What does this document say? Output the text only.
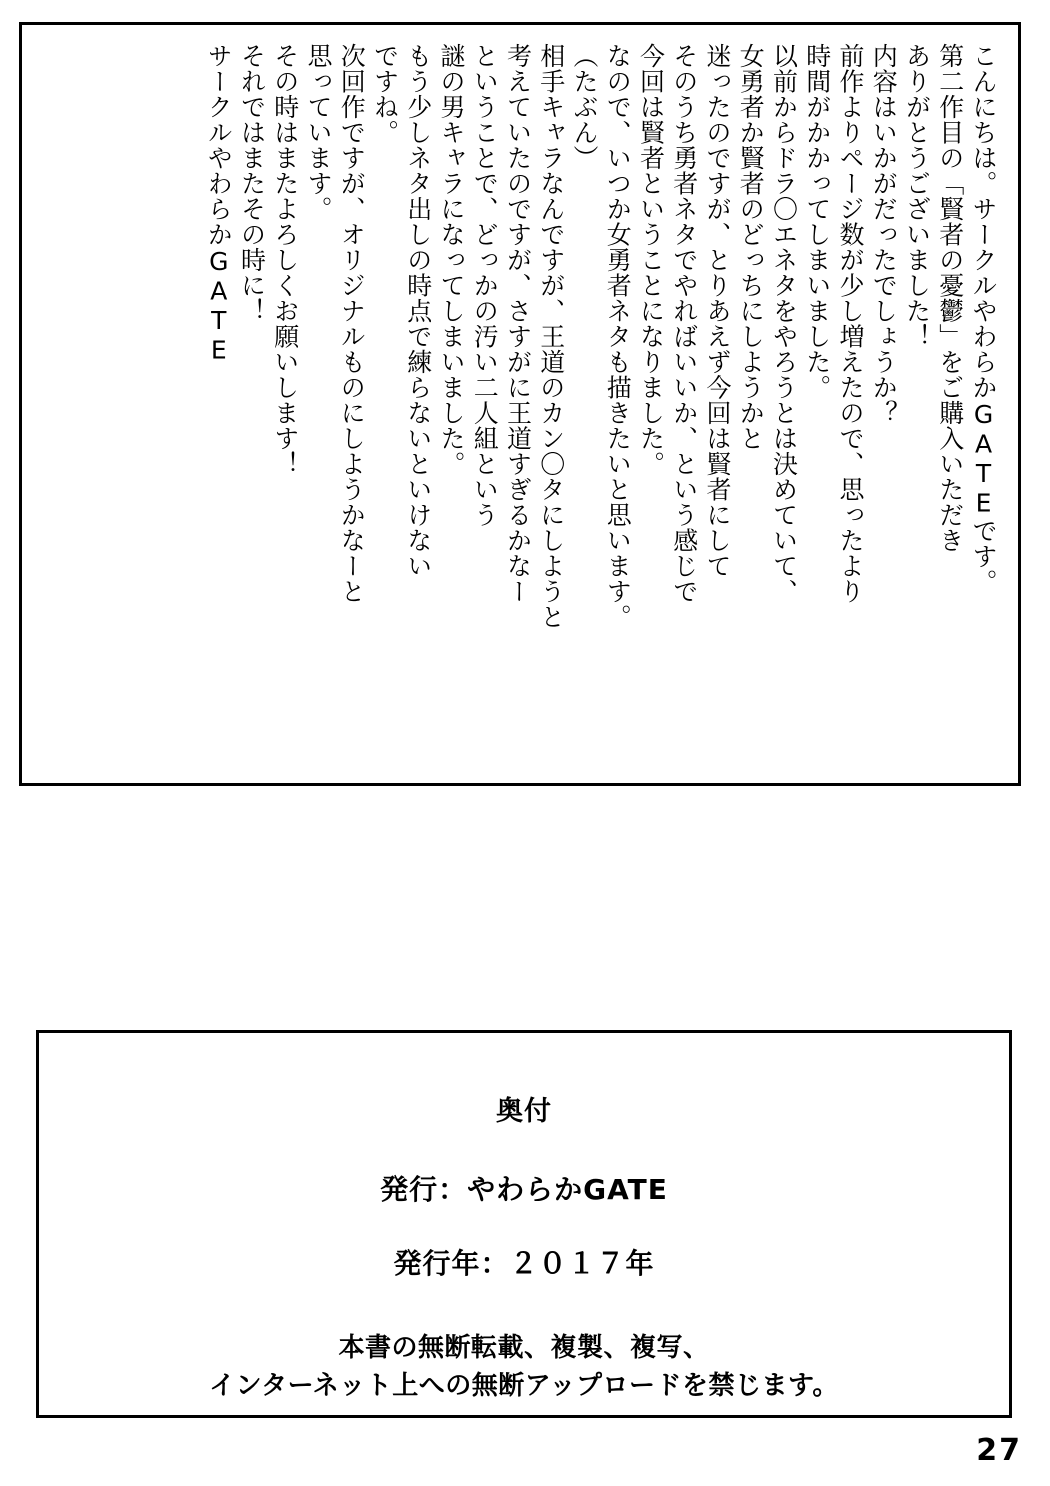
こんにちは。サークルやわらかGATEです。
第二作目の「賢者の憂鬱」をご購入いただき
ありがとうございました！
内容はいかがだったでしょうか？
前作よりページ数が少し増えたので、思ったより
時間がかかってしまいました。
以前からドラ〇エネタをやろうとは決めていて、
女勇者か賢者のどっちにしようかと
迷ったのですが、とりあえず今回は賢者にして
そのうち勇者ネタでやればいいか、という感じで
今回は賢者ということになりました。
なので、いつか女勇者ネタも描きたいと思います。
（たぶん）
相手キャラなんですが、王道のカン〇タにしようと
考えていたのですが、さすがに王道すぎるかなー
ということで、どっかの汚い二人組という
謎の男キャラになってしまいました。
もう少しネタ出しの時点で練らないといけない
ですね。
次回作ですが、オリジナルものにしようかなーと
思っています。
その時はまたよろしくお願いします！
それではまたその時に！
サークルやわらかGATE
奥付
発行：やわらかGATE
発行年：２０１７年
本書の無断転載、複製、複写、
インターネット上への無断アップロードを禁じます。
27
